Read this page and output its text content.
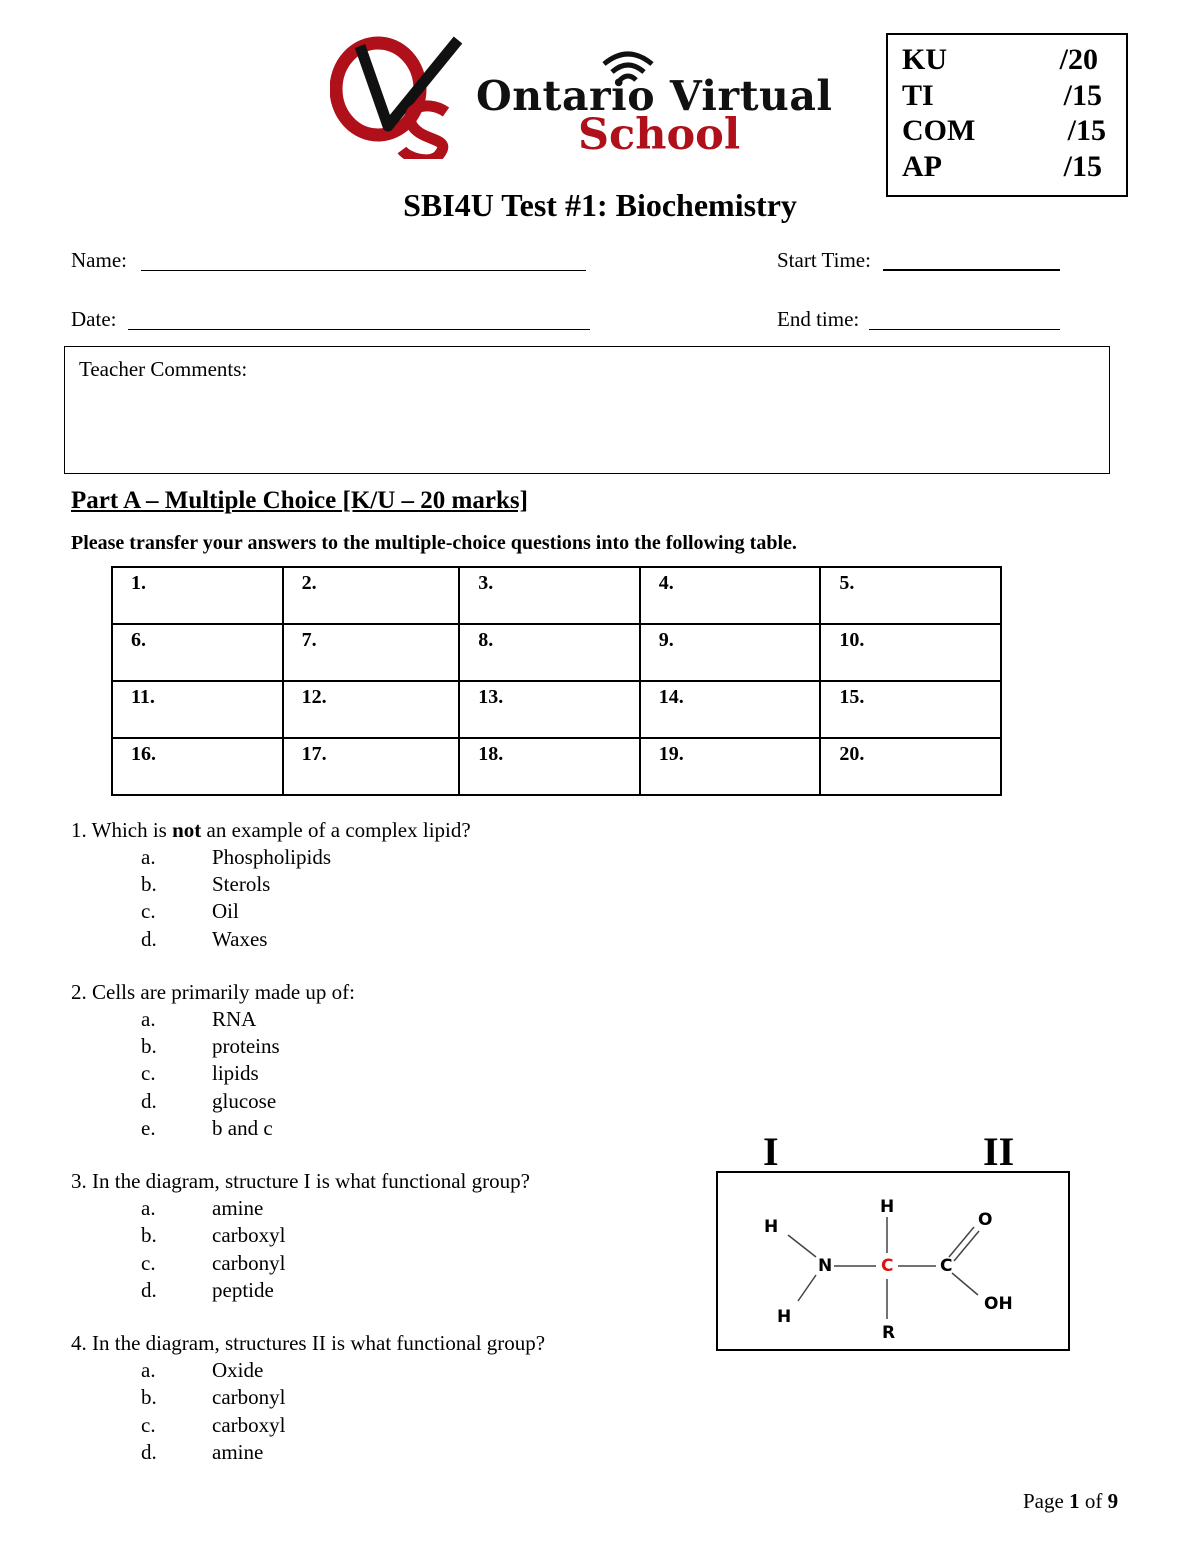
Ontario Virtual
School
KU	/20
TI	/15
COM	/15
AP	/15
SBI4U Test #1: Biochemistry
Name:	Start Time:
Date:	End time:
Teacher Comments:
Part A – Multiple Choice [K/U – 20 marks]
Please transfer your answers to the multiple-choice questions into the following table.
1.	2.	3.	4.	5.
6.	7.	8.	9.	10.
11.	12.	13.	14.	15.
16.	17.	18.	19.	20.
1. Which is not an example of a complex lipid?
a.	Phospholipids
b.	Sterols
c.	Oil
d.	Waxes
2. Cells are primarily made up of:
a.	RNA
b.	proteins
c.	lipids
d.	glucose
e.	b and c
3. In the diagram, structure I is what functional group?
a.	amine
b.	carboxyl
c.	carbonyl
d.	peptide
4. In the diagram, structures II is what functional group?
a.	Oxide
b.	carbonyl
c.	carboxyl
d.	amine
I	II
H
H
N	C
H
R
C
O
OH
Page 1 of 9
